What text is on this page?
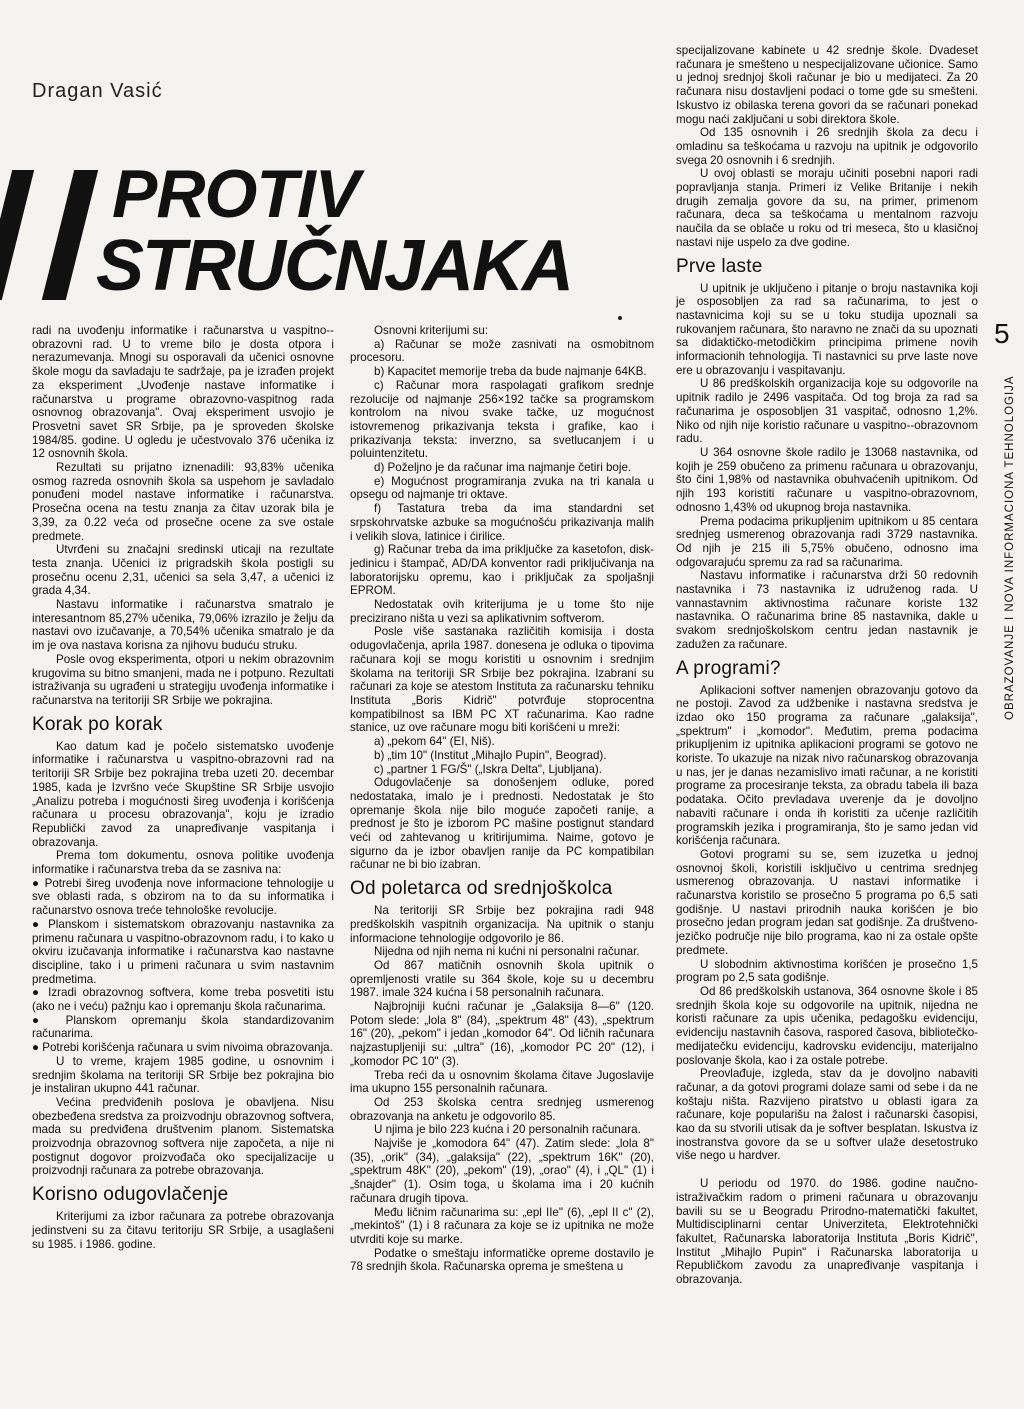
Dragan Vasić
PROTIV
STRUČNJAKA

radi na uvođenju informatike i računarstva u vaspitno--obrazovni rad. U to vreme bilo je dosta otpora i nerazumevanja. Mnogi su osporavali da učenici osnovne škole mogu da savladaju te sadržaje, pa je izrađen projekt za eksperiment „Uvođenje nastave informatike i računarstva u programe obrazovno-vaspitnog rada osnovnog obrazovanja". Ovaj eksperiment usvojio je Prosvetni savet SR Srbije, pa je sproveden školske 1984/85. godine. U ogledu je učestvovalo 376 učenika iz 12 osnovnih škola.

Rezultati su prijatno iznenadili: 93,83% učenika osmog razreda osnovnih škola sa uspehom je savladalo ponuđeni model nastave informatike i računarstva. Prosečna ocena na testu znanja za čitav uzorak bila je 3,39, za 0.22 veća od prosečne ocene za sve ostale predmete.

Utvrđeni su značajni sredinski uticaji na rezultate testa znanja. Učenici iz prigradskih škola postigli su prosečnu ocenu 2,31, učenici sa sela 3,47, a učenici iz grada 4,34.

Nastavu informatike i računarstva smatralo je interesantnom 85,27% učenika, 79,06% izrazilo je želju da nastavi ovo izučavanje, a 70,54% učenika smatralo je da im je ova nastava korisna za njihovu buduću struku.

Posle ovog eksperimenta, otpori u nekim obrazovnim krugovima su bitno smanjeni, mada ne i potpuno. Rezultati istraživanja su ugrađeni u strategiju uvođenja informatike i računarstva na teritoriji SR Srbije we pokrajina.

Korak po korak

Kao datum kad je počelo sistematsko uvođenje informatike i računarstva u vaspitno-obrazovni rad na teritoriji SR Srbije bez pokrajina treba uzeti 20. decembar 1985, kada je Izvršno veće Skupštine SR Srbije usvojio „Analizu potreba i mogućnosti šireg uvođenja i korišćenja računara u procesu obrazovanja", koju je izradio Republički zavod za unapređivanje vaspitanja i obrazovanja.

Prema tom dokumentu, osnova politike uvođenja informatike i računarstva treba da se zasniva na:

● Potrebi šireg uvođenja nove informacione tehnologije u sve oblasti rada, s obzirom na to da su informatika i računarstvo osnova treće tehnološke revolucije.

● Planskom i sistematskom obrazovanju nastavnika za primenu računara u vaspitno-obrazovnom radu, i to kako u okviru izučavanja informatike i računarstva kao nastavne discipline, tako i u primeni računara u svim nastavnim predmetima.

● Izradi obrazovnog softvera, kome treba posvetiti istu (ako ne i veću) pažnju kao i opremanju škola računarima.

● Planskom opremanju škola standardizovanim računarima.

● Potrebi korišćenja računara u svim nivoima obrazovanja.

U to vreme, krajem 1985 godine, u osnovnim i srednjim školama na teritoriji SR Srbije bez pokrajina bio je instaliran ukupno 441 računar.

Većina predviđenih poslova je obavljena. Nisu obezbeđena sredstva za proizvodnju obrazovnog softvera, mada su predviđena društvenim planom. Sistematska proizvodnja obrazovnog softvera nije započeta, a nije ni postignut dogovor proizvođača oko specijalizacije u proizvodnji računara za potrebe obrazovanja.

Korisno odugovlačenje

Kriterijumi za izbor računara za potrebe obrazovanja jedinstveni su za čitavu teritoriju SR Srbije, a usaglašeni su 1985. i 1986. godine.

Osnovni kriterijumi su:

a) Računar se može zasnivati na osmobitnom procesoru.

b) Kapacitet memorije treba da bude najmanje 64KB.

c) Računar mora raspolagati grafikom srednje rezolucije od najmanje 256×192 tačke sa programskom kontrolom na nivou svake tačke, uz mogućnost istovremenog prikazivanja teksta i grafike, kao i prikazivanja teksta: inverzno, sa svetlucanjem i u poluintenzitetu.

d) Poželjno je da računar ima najmanje četiri boje.

e) Mogućnost programiranja zvuka na tri kanala u opsegu od najmanje tri oktave.

f) Tastatura treba da ima standardni set srpskohrvatske azbuke sa mogućnošću prikazivanja malih i velikih slova, latinice i ćirilice.

g) Računar treba da ima priključke za kasetofon, disk-jedinicu i štampač, AD/DA konventor radi priključivanja na laboratorijsku opremu, kao i priključak za spoljašnji EPROM.

Nedostatak ovih kriterijuma je u tome što nije precizirano ništa u vezi sa aplikativnim softverom.

Posle više sastanaka različitih komisija i dosta odugovlačenja, aprila 1987. donesena je odluka o tipovima računara koji se mogu koristiti u osnovnim i srednjim školama na teritoriji SR Srbije bez pokrajina. Izabrani su računari za koje se atestom Instituta za računarsku tehniku Instituta „Boris Kidrič" potvrđuje stoprocentna kompatibilnost sa IBM PC XT računarima. Kao radne stanice, uz ove računare mogu biti korišćeni u mreži:

a) „pekom 64" (EI, Niš).

b) „tim 10" (Institut „Mihajlo Pupin", Beograd).

c) „partner 1 FG/Š" („Iskra Delta", Ljubljana).

Odugovlačenje sa donošenjem odluke, pored nedostataka, imalo je i prednosti. Nedostatak je što opremanje škola nije bilo moguće započeti ranije, a prednost je što je izborom PC mašine postignut standard veći od zahtevanog u kritirijumima. Naime, gotovo je sigurno da je izbor obavljen ranije da PC kompatibilan računar ne bi bio izabran.

Od poletarca od srednjoškolca

Na teritoriji SR Srbije bez pokrajina radi 948 predškolskih vaspitnih organizacija. Na upitnik o stanju informacione tehnologije odgovorilo je 86.

Nijedna od njih nema ni kućni ni personalni računar.

Od 867 matičnih osnovnih škola upitnik o opremljenosti vratile su 364 škole, koje su u decembru 1987. imale 324 kućna i 58 personalnih računara.

Najbrojniji kućni računar je „Galaksija 8—6" (120. Potom slede: „lola 8" (84), „spektrum 48" (43), „spektrum 16" (20), „pekom" i jedan „komodor 64". Od ličnih računara najzastupljeniji su: „ultra" (16), „komodor PC 20" (12), i „komodor PC 10" (3).

Treba reći da u osnovnim školama čitave Jugoslavije ima ukupno 155 personalnih računara.

Od 253 školska centra srednjeg usmerenog obrazovanja na anketu je odgovorilo 85.

U njima je bilo 223 kućna i 20 personalnih računara.

Najviše je „komodora 64" (47). Zatim slede: „lola 8" (35), „orik" (34), „galaksija" (22), „spektrum 16K" (20), „spektrum 48K" (20), „pekom" (19), „orao" (4), i „QL" (1) i „šnajder" (1). Osim toga, u školama ima i 20 kućnih računara drugih tipova.

Među ličnim računarima su: „epl IIe" (6), „epl II c" (2), „mekintoš" (1) i 8 računara za koje se iz upitnika ne može utvrditi koje su marke.

Podatke o smeštaju informatičke opreme dostavilo je 78 srednjih škola. Računarska oprema je smeštena u

specijalizovane kabinete u 42 srednje škole. Dvadeset računara je smešteno u nespecijalizovane učionice. Samo u jednoj srednjoj školi računar je bio u medijateci. Za 20 računara nisu dostavljeni podaci o tome gde su smešteni. Iskustvo iz obilaska terena govori da se računari ponekad mogu naći zaključani u sobi direktora škole.

Od 135 osnovnih i 26 srednjih škola za decu i omladinu sa teškoćama u razvoju na upitnik je odgovorilo svega 20 osnovnih i 6 srednjih.

U ovoj oblasti se moraju učiniti posebni napori radi popravljanja stanja. Primeri iz Velike Britanije i nekih drugih zemalja govore da su, na primer, primenom računara, deca sa teškoćama u mentalnom razvoju naučila da se oblače u roku od tri meseca, što u klasičnoj nastavi nije uspelo za dve godine.

Prve laste

U upitnik je uključeno i pitanje o broju nastavnika koji je osposobljen za rad sa računarima, to jest o nastavnicima koji su se u toku studija upoznali sa rukovanjem računara, što naravno ne znači da su upoznati sa didaktičko-metodičkim principima primene novih informacionih tehnologija. Ti nastavnici su prve laste nove ere u obrazovanju i vaspitavanju.

U 86 predškolskih organizacija koje su odgovorile na upitnik radilo je 2496 vaspitača. Od tog broja za rad sa računarima je osposobljen 31 vaspitač, odnosno 1,2%. Niko od njih nije koristio računare u vaspitno--obrazovnom radu.

U 364 osnovne škole radilo je 13068 nastavnika, od kojih je 259 obučeno za primenu računara u obrazovanju, što čini 1,98% od nastavnika obuhvaćenih upitnikom. Od njih 193 koristiti računare u vaspitno-obrazovnom, odnosno 1,43% od ukupnog broja nastavnika.

Prema podacima prikupljenim upitnikom u 85 centara srednjeg usmerenog obrazovanja radi 3729 nastavnika. Od njih je 215 ili 5,75% obučeno, odnosno ima odgovarajuću spremu za rad sa računarima.

Nastavu informatike i računarstva drži 50 redovnih nastavnika i 73 nastavnika iz udruženog rada. U vannastavnim aktivnostima računare koriste 132 nastavnika. O računarima brine 85 nastavnika, dakle u svakom srednjoškolskom centru jedan nastavnik je zadužen za računare.

A programi?

Aplikacioni softver namenjen obrazovanju gotovo da ne postoji. Zavod za udžbenike i nastavna sredstva je izdao oko 150 programa za računare „galaksija", „spektrum" i „komodor". Međutim, prema podacima prikupljenim iz upitnika aplikacioni programi se gotovo ne koriste. To ukazuje na nizak nivo računarskog obrazovanja u nas, jer je danas nezamislivo imati računar, a ne koristiti programe za procesiranje teksta, za obradu tabela ili baza podataka. Očito prevladava uverenje da je dovoljno nabaviti računare i onda ih koristiti za učenje različitih programskih jezika i programiranja, što je samo jedan vid korišćenja računara.

Gotovi programi su se, sem izuzetka u jednoj osnovnoj školi, koristili isključivo u centrima srednjeg usmerenog obrazovanja. U nastavi informatike i računarstva koristilo se prosečno 5 programa po 6,5 sati godišnje. U nastavi prirodnih nauka korišćen je bio prosečno jedan program jedan sat godišnje. Za društveno-jezičko područje nije bilo programa, kao ni za ostale opšte predmete.

U slobodnim aktivnostima korišćen je prosečno 1,5 program po 2,5 sata godišnje.

Od 86 predškolskih ustanova, 364 osnovne škole i 85 srednjih škola koje su odgovorile na upitnik, nijedna ne koristi računare za upis učenika, pedagošku evidenciju, evidenciju nastavnih časova, raspored časova, bibliotečko-medijatečku evidenciju, kadrovsku evidenciju, materijalno poslovanje škola, kao i za ostale potrebe.

Preovlađuje, izgleda, stav da je dovoljno nabaviti računar, a da gotovi programi dolaze sami od sebe i da ne koštaju ništa. Razvijeno piratstvo u oblasti igara za računare, koje popularišu na žalost i računarski časopisi, kao da su stvorili utisak da je softver besplatan. Iskustva iz inostranstva govore da se u softver ulaže desetostruko više nego u hardver.

U periodu od 1970. do 1986. godine naučno-istraživačkim radom o primeni računara u obrazovanju bavili su se u Beogradu Prirodno-matematički fakultet, Multidisciplinarni centar Univerziteta, Elektrotehnički fakultet, Računarska laboratorija Instituta „Boris Kidrič", Institut „Mihajlo Pupin" i Računarska laboratorija u Republičkom zavodu za unapređivanje vaspitanja i obrazovanja.

5
OBRAZOVANJE I NOVA INFORMACIONA TEHNOLOGIJA
